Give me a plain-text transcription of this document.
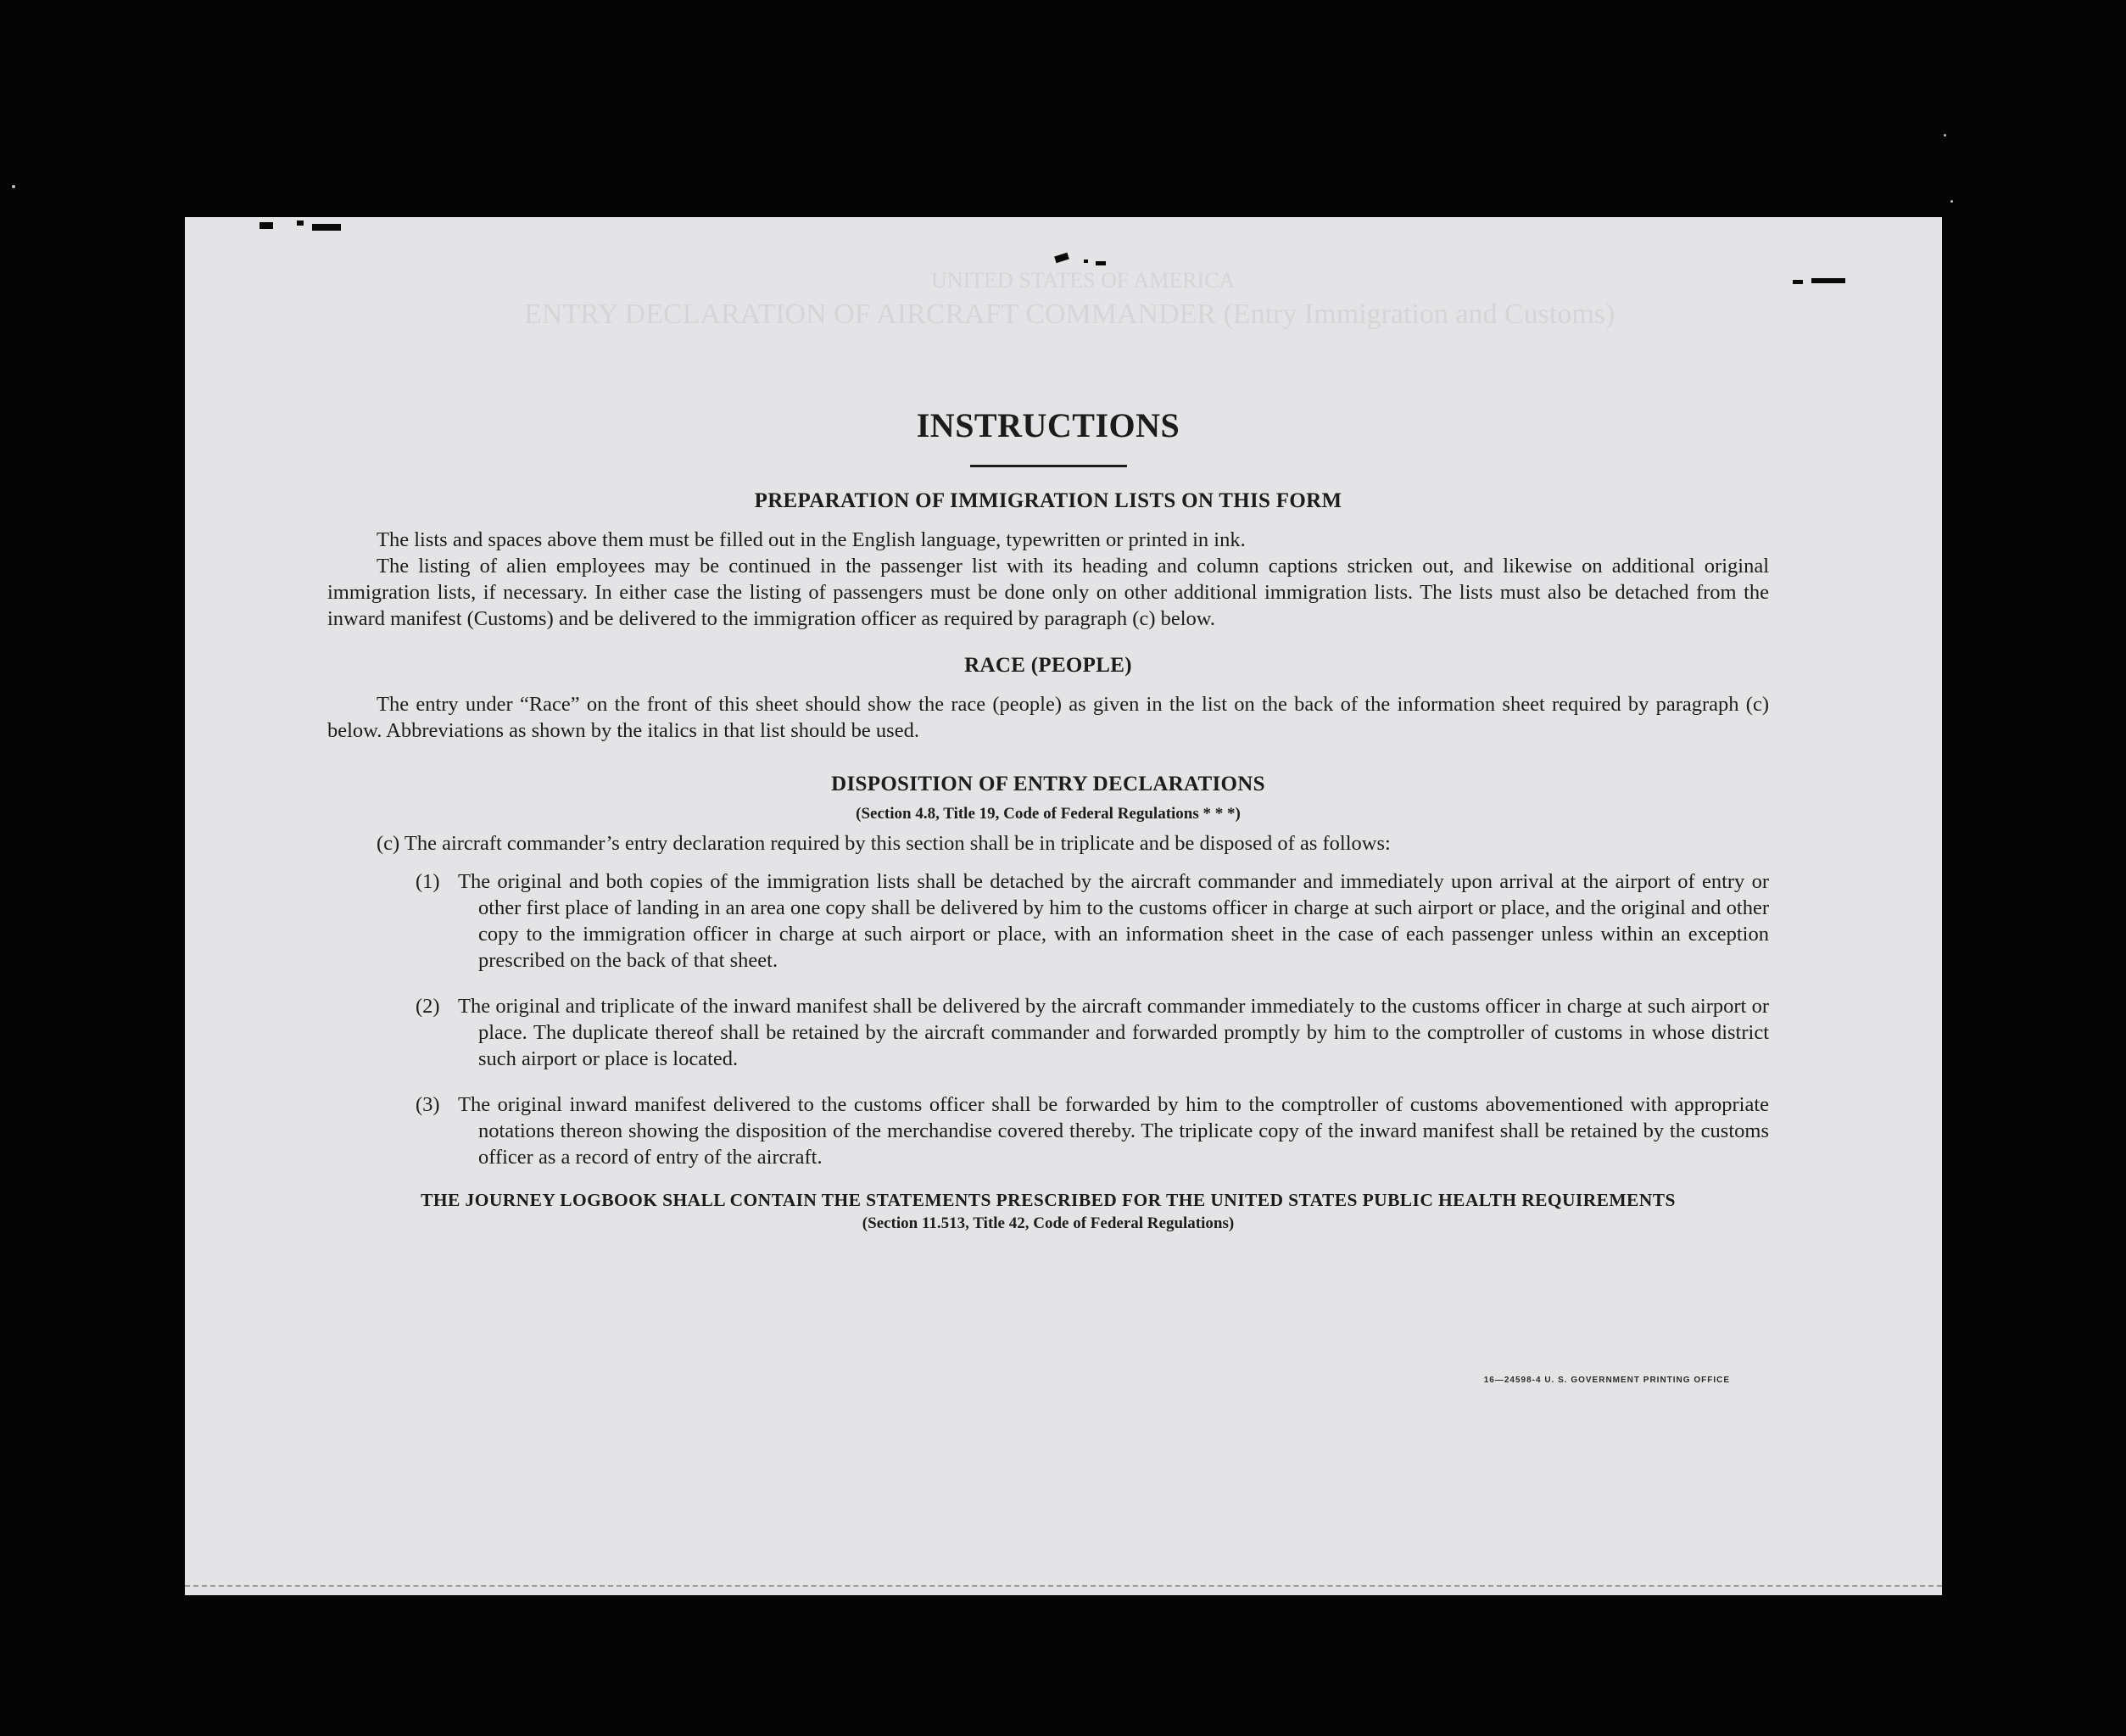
UNITED STATES OF AMERICA
ENTRY DECLARATION OF AIRCRAFT COMMANDER (Entry Immigration and Customs)
INSTRUCTIONS
PREPARATION OF IMMIGRATION LISTS ON THIS FORM

The lists and spaces above them must be filled out in the English language, typewritten or printed in ink.

The listing of alien employees may be continued in the passenger list with its heading and column captions stricken out, and likewise on additional original immigration lists, if necessary. In either case the listing of passengers must be done only on other additional immigration lists. The lists must also be detached from the inward manifest (Customs) and be delivered to the immigration officer as required by paragraph (c) below.

RACE (PEOPLE)

The entry under “Race” on the front of this sheet should show the race (people) as given in the list on the back of the information sheet required by paragraph (c) below. Abbreviations as shown by the italics in that list should be used.

DISPOSITION OF ENTRY DECLARATIONS
(Section 4.8, Title 19, Code of Federal Regulations * * *)

(c) The aircraft commander’s entry declaration required by this section shall be in triplicate and be disposed of as follows:

(1) The original and both copies of the immigration lists shall be detached by the aircraft commander and immediately upon arrival at the airport of entry or other first place of landing in an area one copy shall be delivered by him to the customs officer in charge at such airport or place, and the original and other copy to the immigration officer in charge at such airport or place, with an information sheet in the case of each passenger unless within an exception prescribed on the back of that sheet.
(2) The original and triplicate of the inward manifest shall be delivered by the aircraft commander immediately to the customs officer in charge at such airport or place. The duplicate thereof shall be retained by the aircraft commander and forwarded promptly by him to the comptroller of customs in whose district such airport or place is located.
(3) The original inward manifest delivered to the customs officer shall be forwarded by him to the comptroller of customs abovementioned with appropriate notations thereon showing the disposition of the merchandise covered thereby. The triplicate copy of the inward manifest shall be retained by the customs officer as a record of entry of the aircraft.
THE JOURNEY LOGBOOK SHALL CONTAIN THE STATEMENTS PRESCRIBED FOR THE UNITED STATES PUBLIC HEALTH REQUIREMENTS
(Section 11.513, Title 42, Code of Federal Regulations)
16—24598-4 U. S. GOVERNMENT PRINTING OFFICE
